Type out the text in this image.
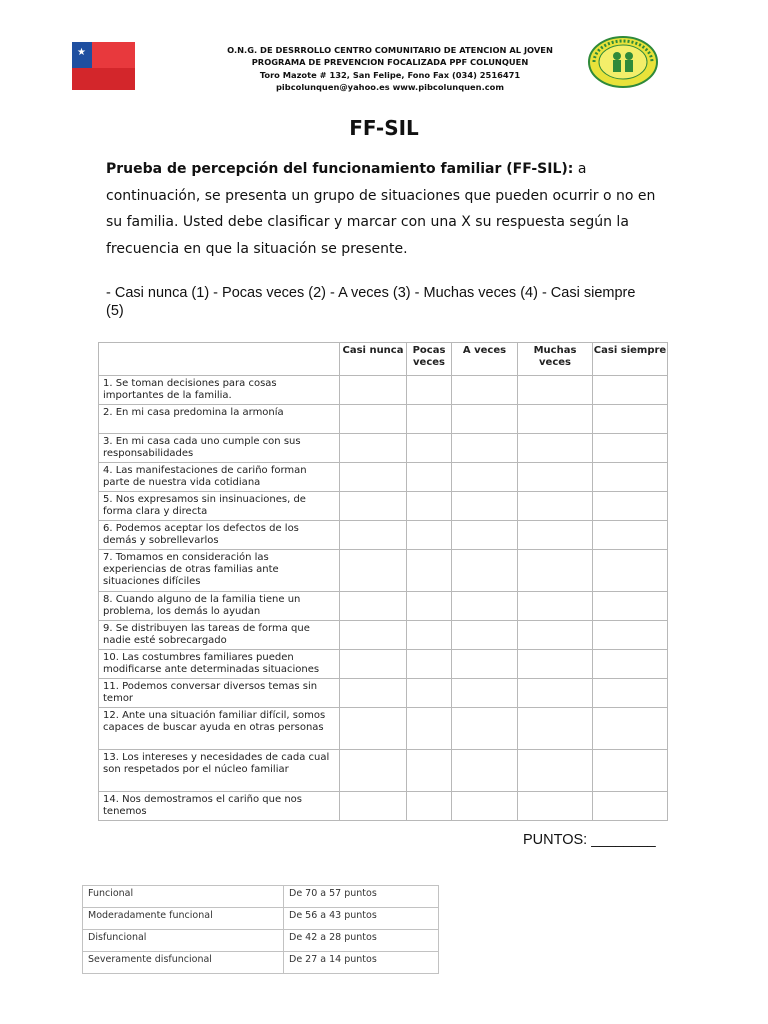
★	O.N.G. DE DESRROLLO CENTRO COMUNITARIO DE ATENCION AL JOVEN
PROGRAMA DE PREVENCION FOCALIZADA PPF COLUNQUEN
Toro Mazote # 132, San Felipe, Fono Fax (034) 2516471
pibcolunquen@yahoo.es www.pibcolunquen.com
FF-SIL
Prueba de percepción del funcionamiento familiar (FF-SIL): a continuación, se presenta un grupo de situaciones que pueden ocurrir o no en su familia. Usted debe clasificar y marcar con una X su respuesta según la frecuencia en que la situación se presente.
- Casi nunca (1) - Pocas veces (2) - A veces (3) - Muchas veces (4) - Casi siempre (5)
	Casi nunca	Pocas veces	A veces	Muchas veces	Casi siempre
1. Se toman decisiones para cosas importantes de la familia.					
2. En mi casa predomina la armonía					
3. En mi casa cada uno cumple con sus responsabilidades					
4. Las manifestaciones de cariño forman parte de nuestra vida cotidiana					
5. Nos expresamos sin insinuaciones, de forma clara y directa					
6. Podemos aceptar los defectos de los demás y sobrellevarlos					
7. Tomamos en consideración las experiencias de otras familias ante situaciones difíciles					
8. Cuando alguno de la familia tiene un problema, los demás lo ayudan					
9. Se distribuyen las tareas de forma que nadie esté sobrecargado					
10. Las costumbres familiares pueden modificarse ante determinadas situaciones					
11. Podemos conversar diversos temas sin temor					
12. Ante una situación familiar difícil, somos capaces de buscar ayuda en otras personas					
13. Los intereses y necesidades de cada cual son respetados por el núcleo familiar					
14. Nos demostramos el cariño que nos tenemos					
PUNTOS: ________
Funcional	De 70 a 57 puntos
Moderadamente funcional	De 56 a 43 puntos
Disfuncional	De 42 a 28 puntos
Severamente disfuncional	De 27 a 14 puntos
